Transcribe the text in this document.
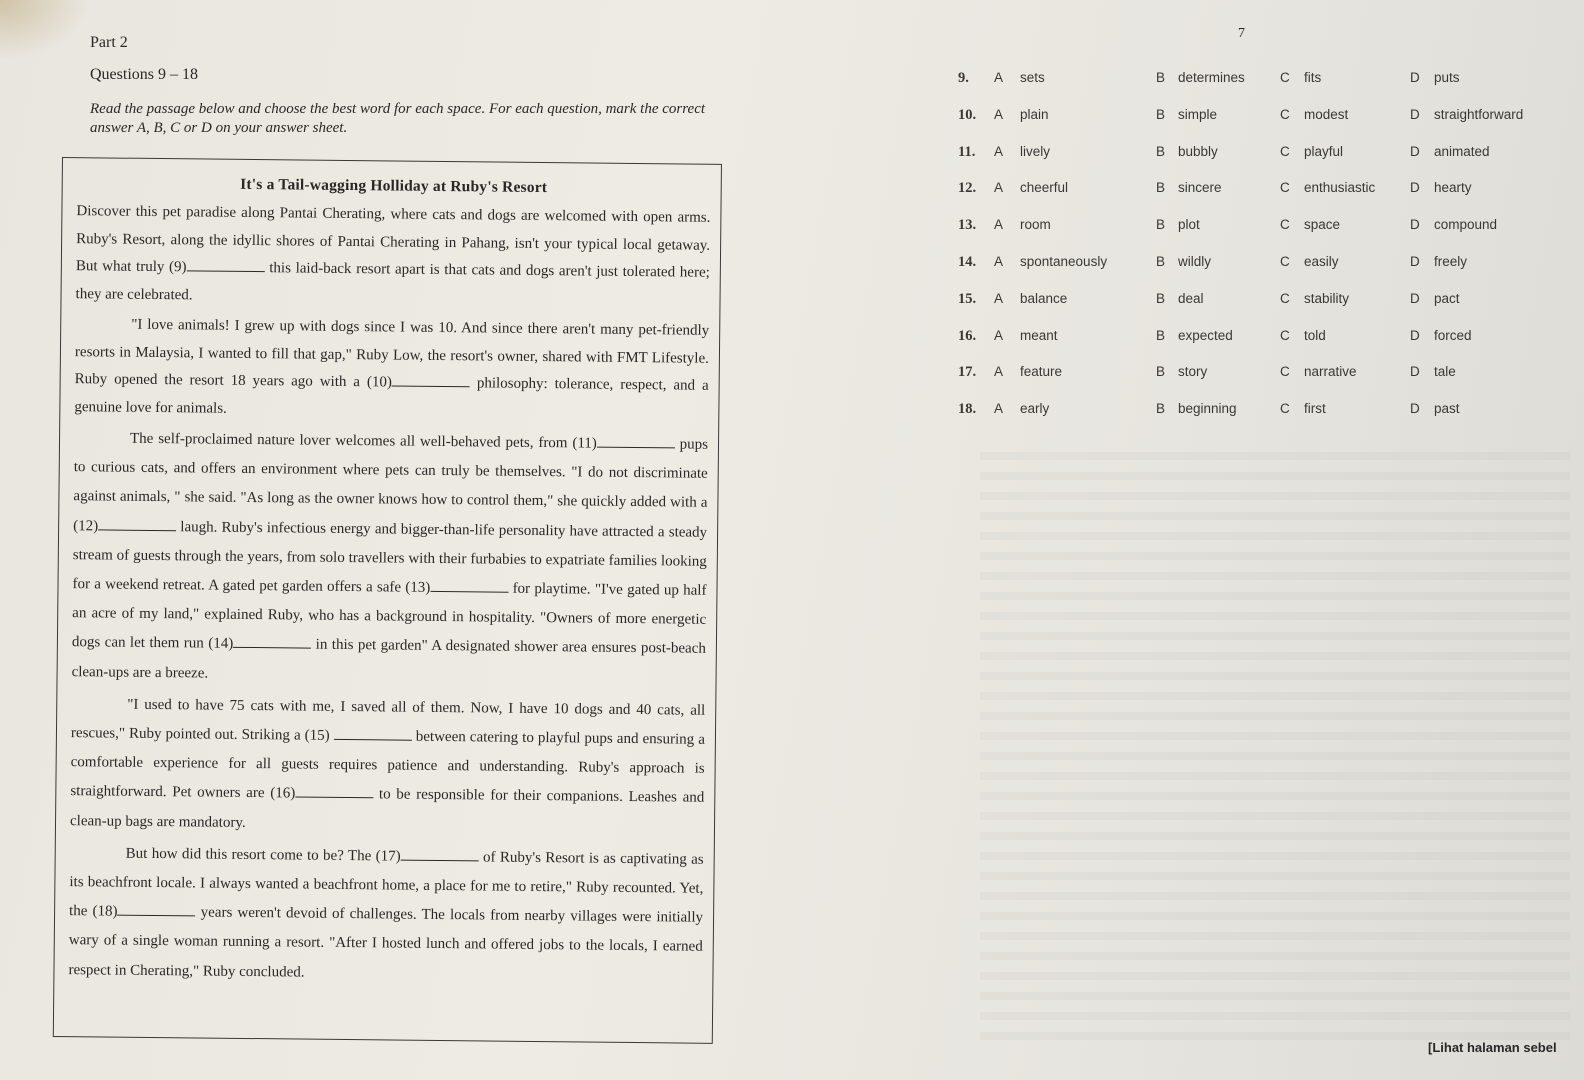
Part 2
7
Questions 9 – 18
Read the passage below and choose the best word for each space. For each question, mark the correct answer A, B, C or D on your answer sheet.
It's a Tail-wagging Holliday at Ruby's Resort

Discover this pet paradise along Pantai Cherating, where cats and dogs are welcomed with open arms. Ruby's Resort, along the idyllic shores of Pantai Cherating in Pahang, isn't your typical local getaway. But what truly (9)	this laid-back resort apart is that cats and dogs aren't just tolerated here; they are celebrated.

"I love animals! I grew up with dogs since I was 10. And since there aren't many pet-friendly resorts in Malaysia, I wanted to fill that gap," Ruby Low, the resort's owner, shared with FMT Lifestyle. Ruby opened the resort 18 years ago with a (10)	philosophy: tolerance, respect, and a genuine love for animals.

The self-proclaimed nature lover welcomes all well-behaved pets, from (11)	pups to curious cats, and offers an environment where pets can truly be themselves. "I do not discriminate against animals, " she said. "As long as the owner knows how to control them," she quickly added with a (12)	laugh. Ruby's infectious energy and bigger-than-life personality have attracted a steady stream of guests through the years, from solo travellers with their furbabies to expatriate families looking for a weekend retreat. A gated pet garden offers a safe (13)	for playtime. "I've gated up half an acre of my land," explained Ruby, who has a background in hospitality. "Owners of more energetic dogs can let them run (14)	in this pet garden" A designated shower area ensures post-beach clean-ups are a breeze.

"I used to have 75 cats with me, I saved all of them. Now, I have 10 dogs and 40 cats, all rescues," Ruby pointed out. Striking a (15)	between catering to playful pups and ensuring a comfortable experience for all guests requires patience and understanding. Ruby's approach is straightforward. Pet owners are (16)	to be responsible for their companions. Leashes and clean-up bags are mandatory.

But how did this resort come to be? The (17)	of Ruby's Resort is as captivating as its beachfront locale. I always wanted a beachfront home, a place for me to retire," Ruby recounted. Yet, the (18)	years weren't devoid of challenges. The locals from nearby villages were initially wary of a single woman running a resort. "After I hosted lunch and offered jobs to the locals, I earned respect in Cherating," Ruby concluded.

9. A sets	B determines	C fits	D puts
10. A plain	B simple	C modest	D straightforward
11. A lively	B bubbly	C playful	D animated
12. A cheerful	B sincere	C enthusiastic	D hearty
13. A room	B plot	C space	D compound
14. A spontaneously	B wildly	C easily	D freely
15. A balance	B deal	C stability	D pact
16. A meant	B expected	C told	D forced
17. A feature	B story	C narrative	D tale
18. A early	B beginning	C first	D past
[Lihat halaman sebel
